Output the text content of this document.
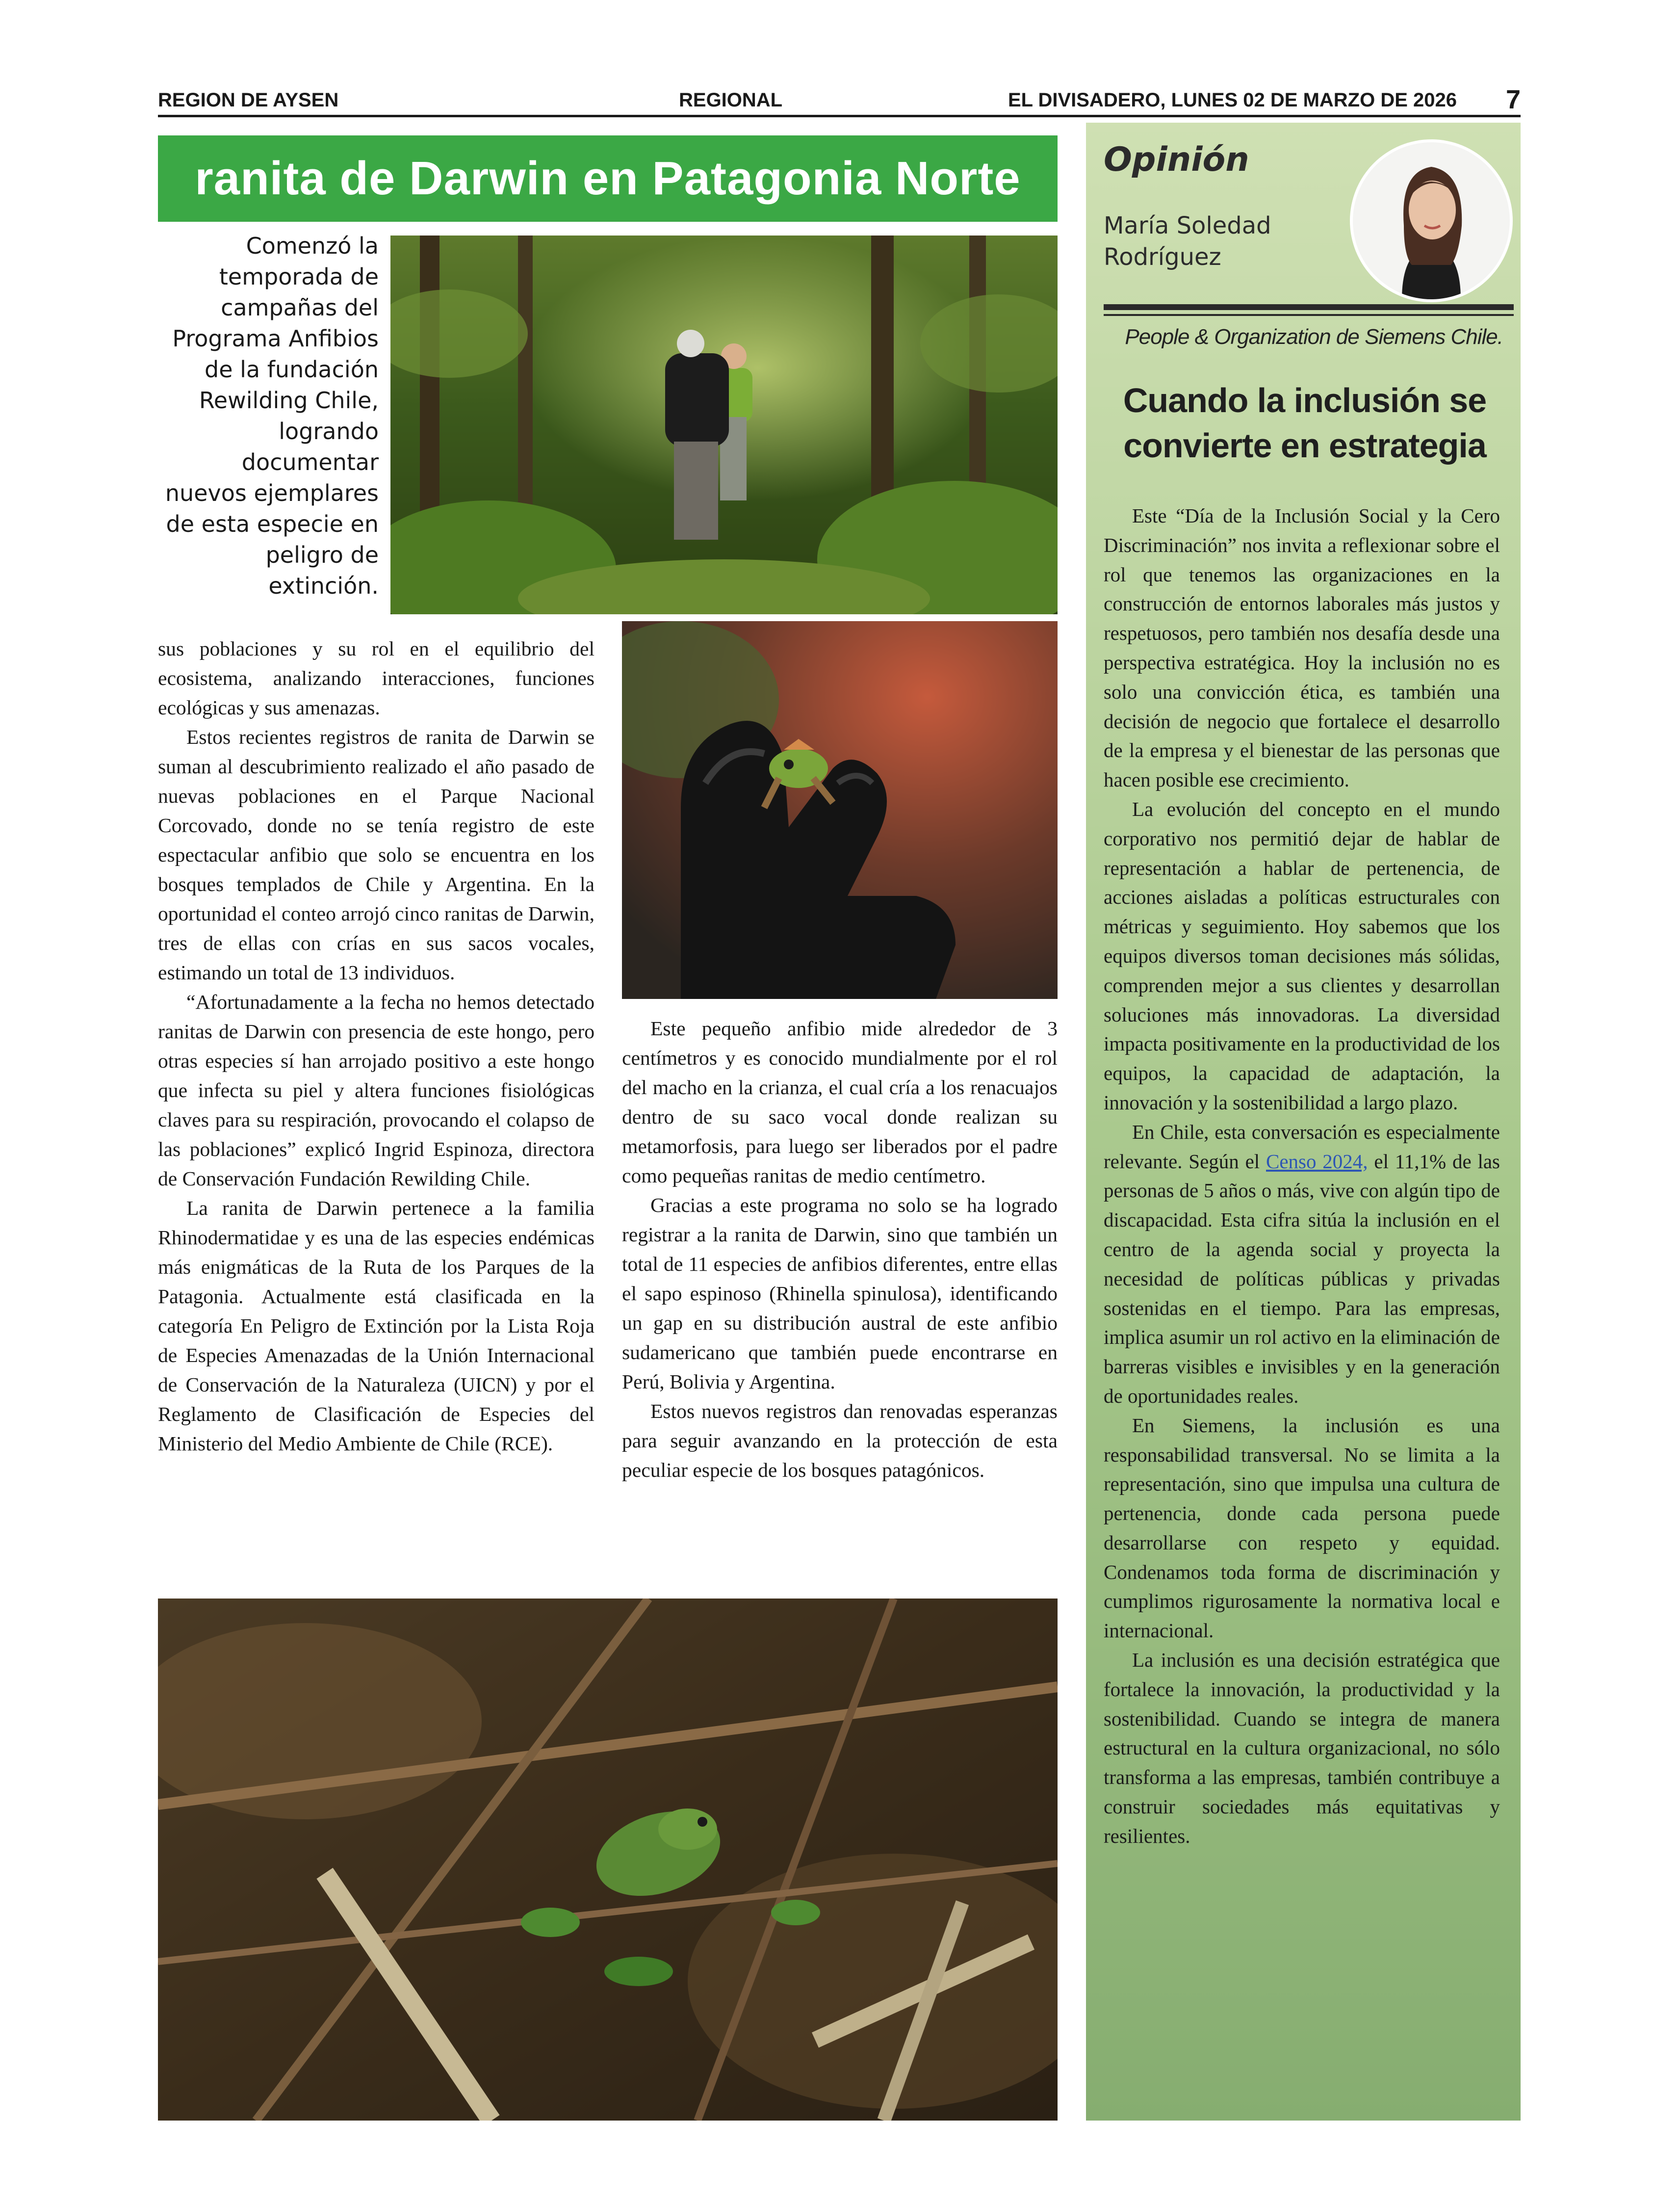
REGION DE AYSEN	REGIONAL	EL DIVISADERO, LUNES 02 DE MARZO DE 2026 7
ranita de Darwin en Patagonia Norte
Comenzó la temporada de campañas del Programa Anfibios de la fundación Rewilding Chile, logrando documentar nuevos ejemplares de esta especie en peligro de extinción.

sus poblaciones y su rol en el equilibrio del ecosistema, analizando interacciones, funciones ecológicas y sus amenazas.

Estos recientes registros de ranita de Darwin se suman al descubrimiento realizado el año pasado de nuevas poblaciones en el Parque Nacional Corcovado, donde no se tenía registro de este espectacular anfibio que solo se encuentra en los bosques templados de Chile y Argentina. En la oportunidad el conteo arrojó cinco ranitas de Darwin, tres de ellas con crías en sus sacos vocales, estimando un total de 13 individuos.

“Afortunadamente a la fecha no hemos detectado ranitas de Darwin con presencia de este hongo, pero otras especies sí han arrojado positivo a este hongo que infecta su piel y altera funciones fisiológicas claves para su respiración, provocando el colapso de las poblaciones” explicó Ingrid Espinoza, directora de Conservación Fundación Rewilding Chile.

La ranita de Darwin pertenece a la familia Rhinodermatidae y es una de las especies endémicas más enigmáticas de la Ruta de los Parques de la Patagonia. Actualmente está clasificada en la categoría En Peligro de Extinción por la Lista Roja de Especies Amenazadas de la Unión Internacional de Conservación de la Naturaleza (UICN) y por el Reglamento de Clasificación de Especies del Ministerio del Medio Ambiente de Chile (RCE).

Este pequeño anfibio mide alrededor de 3 centímetros y es conocido mundialmente por el rol del macho en la crianza, el cual cría a los renacuajos dentro de su saco vocal donde realizan su metamorfosis, para luego ser liberados por el padre como pequeñas ranitas de medio centímetro.

Gracias a este programa no solo se ha logrado registrar a la ranita de Darwin, sino que también un total de 11 especies de anfibios diferentes, entre ellas el sapo espinoso (Rhinella spinulosa), identificando un gap en su distribución austral de este anfibio sudamericano que también puede encontrarse en Perú, Bolivia y Argentina.

Estos nuevos registros dan renovadas esperanzas para seguir avanzando en la protección de esta peculiar especie de los bosques patagónicos.

Opinión
María Soledad Rodríguez
People & Organization de Siemens Chile.
Cuando la inclusión se convierte en estrategia

Este “Día de la Inclusión Social y la Cero Discriminación” nos invita a reflexionar sobre el rol que tenemos las organizaciones en la construcción de entornos laborales más justos y respetuosos, pero también nos desafía desde una perspectiva estratégica. Hoy la inclusión no es solo una convicción ética, es también una decisión de negocio que fortalece el desarrollo de la empresa y el bienestar de las personas que hacen posible ese crecimiento.

La evolución del concepto en el mundo corporativo nos permitió dejar de hablar de representación a hablar de pertenencia, de acciones aisladas a políticas estructurales con métricas y seguimiento. Hoy sabemos que los equipos diversos toman decisiones más sólidas, comprenden mejor a sus clientes y desarrollan soluciones más innovadoras. La diversidad impacta positivamente en la productividad de los equipos, la capacidad de adaptación, la innovación y la sostenibilidad a largo plazo.

En Chile, esta conversación es especialmente relevante. Según el Censo 2024, el 11,1% de las personas de 5 años o más, vive con algún tipo de discapacidad. Esta cifra sitúa la inclusión en el centro de la agenda social y proyecta la necesidad de políticas públicas y privadas sostenidas en el tiempo. Para las empresas, implica asumir un rol activo en la eliminación de barreras visibles e invisibles y en la generación de oportunidades reales.

En Siemens, la inclusión es una responsabilidad transversal. No se limita a la representación, sino que impulsa una cultura de pertenencia, donde cada persona puede desarrollarse con respeto y equidad. Condenamos toda forma de discriminación y cumplimos rigurosamente la normativa local e internacional.

La inclusión es una decisión estratégica que fortalece la innovación, la productividad y la sostenibilidad. Cuando se integra de manera estructural en la cultura organizacional, no sólo transforma a las empresas, también contribuye a construir sociedades más equitativas y resilientes.
